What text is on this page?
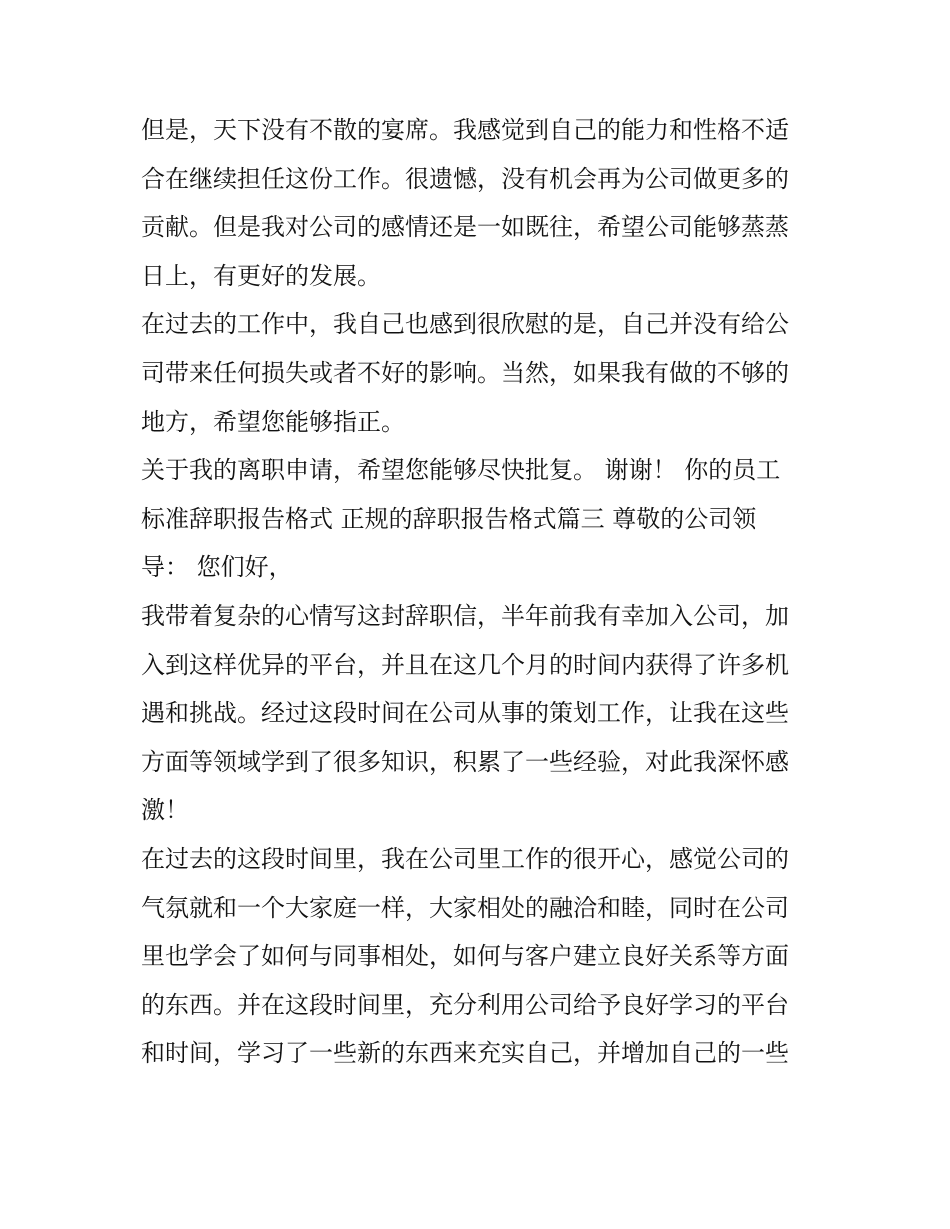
但是，天下没有不散的宴席。我感觉到自己的能力和性格不适
合在继续担任这份工作。很遗憾，没有机会再为公司做更多的
贡献。但是我对公司的感情还是一如既往，希望公司能够蒸蒸
日上，有更好的发展。
在过去的工作中，我自己也感到很欣慰的是，自己并没有给公
司带来任何损失或者不好的影响。当然，如果我有做的不够的
地方，希望您能够指正。
关于我的离职申请，希望您能够尽快批复。 谢谢！ 你的员工
标准辞职报告格式 正规的辞职报告格式篇三 尊敬的公司领
导： 您们好，
我带着复杂的心情写这封辞职信，半年前我有幸加入公司，加
入到这样优异的平台，并且在这几个月的时间内获得了许多机
遇和挑战。经过这段时间在公司从事的策划工作，让我在这些
方面等领域学到了很多知识，积累了一些经验，对此我深怀感
激！
在过去的这段时间里，我在公司里工作的很开心，感觉公司的
气氛就和一个大家庭一样，大家相处的融洽和睦，同时在公司
里也学会了如何与同事相处，如何与客户建立良好关系等方面
的东西。并在这段时间里，充分利用公司给予良好学习的平台
和时间，学习了一些新的东西来充实自己，并增加自己的一些
